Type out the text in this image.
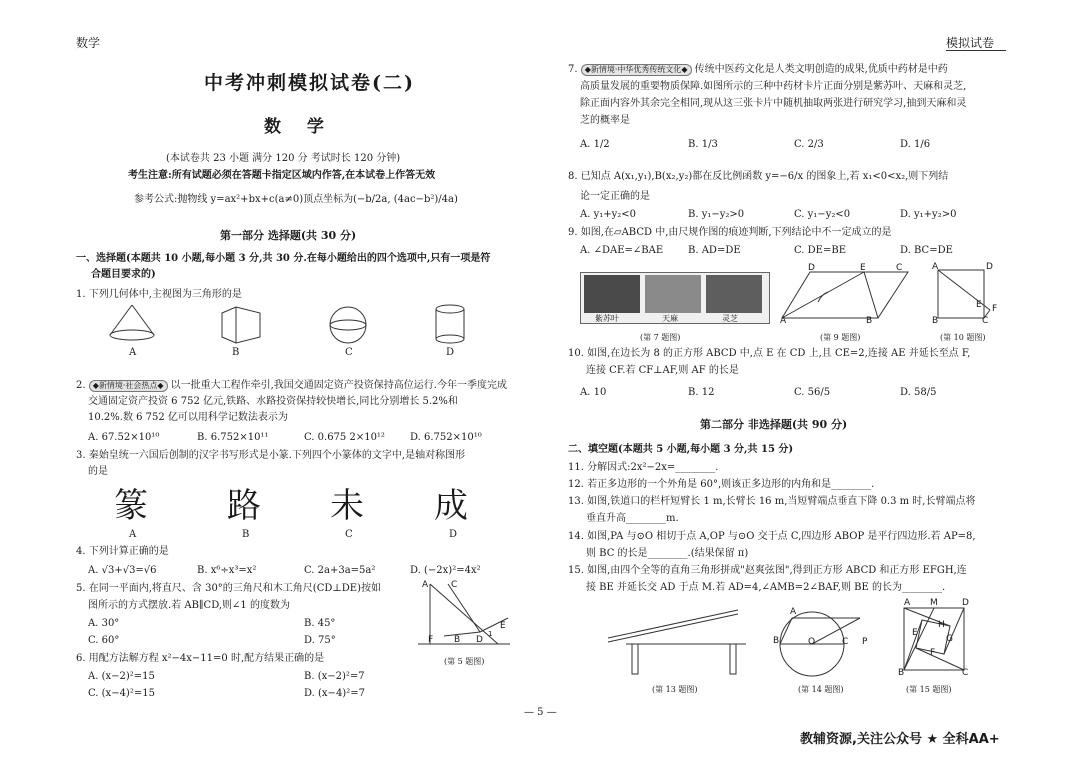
数学	模拟试卷
中考冲刺模拟试卷(二)
数 学
(本试卷共 23 小题 满分 120 分 考试时长 120 分钟)
考生注意:所有试题必须在答题卡指定区域内作答,在本试卷上作答无效
参考公式:抛物线 y=ax²+bx+c(a≠0)顶点坐标为 (−b/2a, (4ac−b²)/4a)
第一部分 选择题(共 30 分)
一、选择题(本题共 10 小题,每小题 3 分,共 30 分.在每小题给出的四个选项中,只有一项是符
合题目要求的)
1. 下列几何体中,主视图为三角形的是
A	B	C	D
2. ◆新情境·社会热点◆ 以一批重大工程作牵引,我国交通固定资产投资保持高位运行.今年一季度完成
交通固定资产投资 6 752 亿元,铁路、水路投资保持较快增长,同比分别增长 5.2%和
10.2%.数 6 752 亿可以用科学记数法表示为
A. 67.52×10¹⁰	B. 6.752×10¹¹	C. 0.675 2×10¹²	D. 6.752×10¹⁰
3. 秦始皇统一六国后创制的汉字书写形式是小篆.下列四个小篆体的文字中,是轴对称图形
的是
篆 路 未 成
A	B	C	D
4. 下列计算正确的是
A. √3+√3=√6	B. x⁶÷x³=x²	C. 2a+3a=5a²	D. (−2x)²=4x²
5. 在同一平面内,将直尺、含 30°的三角尺和木工角尺(CD⊥DE)按如
图所示的方式摆放.若 AB∥CD,则∠1 的度数为
A. 30°	B. 45°
C. 60°	D. 75°
A	C
F B D
E
1
(第 5 题图)
6. 用配方法解方程 x²−4x−11=0 时,配方结果正确的是
A. (x−2)²=15	B. (x−2)²=7
C. (x−4)²=15	D. (x−4)²=7
7. ◆新情境·中华优秀传统文化◆ 传统中医药文化是人类文明创造的成果,优质中药材是中药
高质量发展的重要物质保障.如图所示的三种中药材卡片正面分别是紫苏叶、天麻和灵芝,
除正面内容外其余完全相同,现从这三张卡片中随机抽取两张进行研究学习,抽到天麻和灵
芝的概率是
A. 1/2	B. 1/3	C. 2/3	D. 1/6
8. 已知点 A(x₁,y₁),B(x₂,y₂)都在反比例函数 y=−6/x 的图象上,若 x₁<0<x₂,则下列结
论一定正确的是
A. y₁+y₂<0	B. y₁−y₂>0	C. y₁−y₂<0	D. y₁+y₂>0
9. 如图,在▱ABCD 中,由尺规作图的痕迹判断,下列结论中不一定成立的是
A. ∠DAE=∠BAE B. AD=DE	C. DE=BE	D. BC=DE
紫苏叶	天麻	灵芝
D	E	C
A	B
A	D
E F
B	C
(第 7 题图)	(第 9 题图)	(第 10 题图)
10. 如图,在边长为 8 的正方形 ABCD 中,点 E 在 CD 上,且 CE=2,连接 AE 并延长至点 F,
连接 CF.若 CF⊥AF,则 AF 的长是
A. 10	B. 12	C. 56/5	D. 58/5
第二部分 非选择题(共 90 分)
二、填空题(本题共 5 小题,每小题 3 分,共 15 分)
11. 分解因式:2x²−2x=________.
12. 若正多边形的一个外角是 60°,则该正多边形的内角和是________.
13. 如图,铁道口的栏杆短臂长 1 m,长臂长 16 m,当短臂端点垂直下降 0.3 m 时,长臂端点将
垂直升高________m.
14. 如图,PA 与⊙O 相切于点 A,OP 与⊙O 交于点 C,四边形 ABOP 是平行四边形.若 AP=8,
则 BC 的长是________.(结果保留 π)
15. 如图,由四个全等的直角三角形拼成"赵爽弦图",得到正方形 ABCD 和正方形 EFGH,连
接 BE 并延长交 AD 于点 M.若 AD=4,∠AMB=2∠BAF,则 BE 的长为________.
B
A
O	C P
A M	D
H
E
G
F
B	C
(第 13 题图)	(第 14 题图)	(第 15 题图)
— 5 —
教辅资源,关注公众号 ★ 全科AA+
